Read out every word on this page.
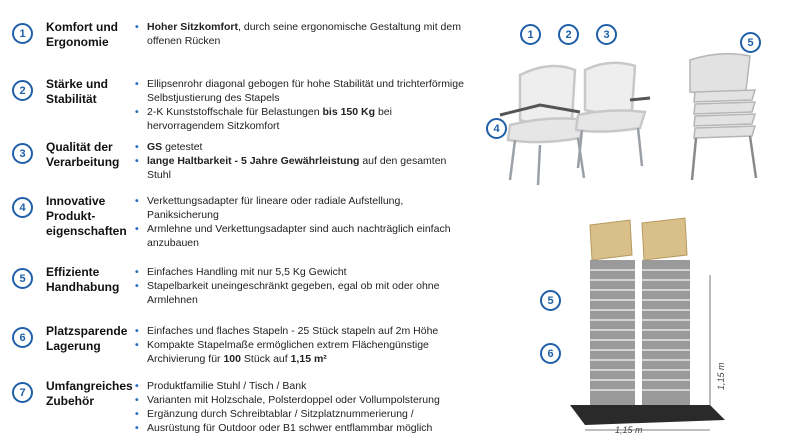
1	Komfort und
Ergonomie
• Hoher Sitzkomfort, durch seine ergonomische Gestaltung mit dem offenen Rücken
2	Stärke und
Stabilität
• Ellipsenrohr diagonal gebogen für hohe Stabilität und trichterförmige Selbstjustierung des Stapels
• 2-K Kunststoffschale für Belastungen bis 150 Kg bei hervorragendem Sitzkomfort
3	Qualität der
Verarbeitung
• GS getestet
• lange Haltbarkeit - 5 Jahre Gewährleistung auf den gesamten Stuhl
4	Innovative
Produkt-
eigenschaften
• Verkettungsadapter für lineare oder radiale Aufstellung, Paniksicherung
• Armlehne und Verkettungsadapter sind auch nachträglich einfach anzubauen
5	Effiziente
Handhabung
• Einfaches Handling mit nur 5,5 Kg Gewicht
• Stapelbarkeit uneingeschränkt gegeben, egal ob mit oder ohne Armlehnen
6	Platzsparende
Lagerung
• Einfaches und flaches Stapeln - 25 Stück stapeln auf 2m Höhe
• Kompakte Stapelmaße ermöglichen extrem Flächengünstige Archivierung für 100 Stück auf 1,15 m²
7	Umfangreiches
Zubehör
• Produktfamilie Stuhl / Tisch / Bank
• Varianten mit Holzschale, Polsterdoppel oder Vollumpolsterung
• Ergänzung durch Schreibtablar / Sitzplatznummerierung /
• Ausrüstung für Outdoor oder B1 schwer entflammbar möglich	1,15 m
1,15 m
1	2	3
4
5
5
6
